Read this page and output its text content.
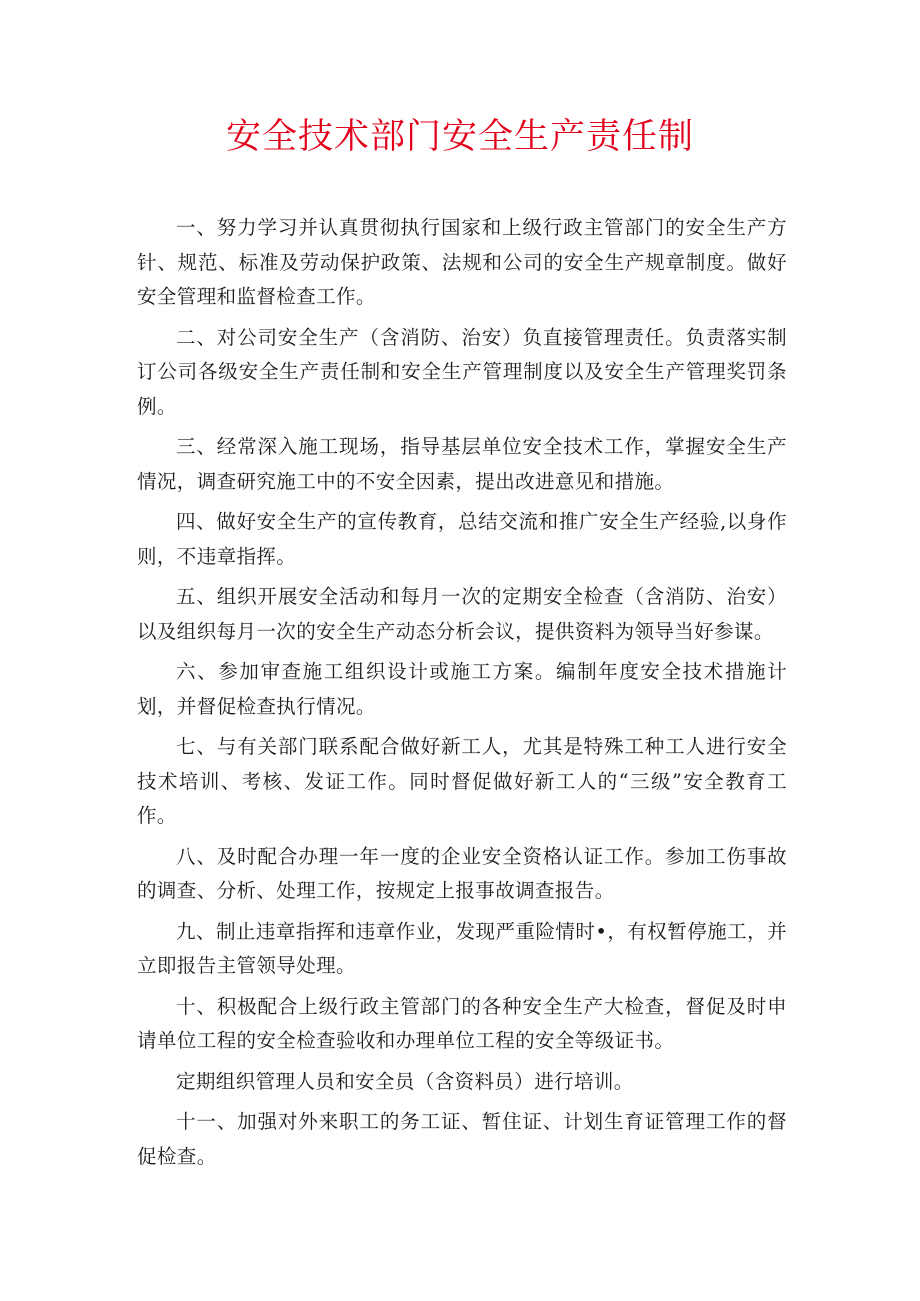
安全技术部门安全生产责任制

一、努力学习并认真贯彻执行国家和上级行政主管部门的安全生产方针、规范、标准及劳动保护政策、法规和公司的安全生产规章制度。做好安全管理和监督检查工作。

二、对公司安全生产（含消防、治安）负直接管理责任。负责落实制订公司各级安全生产责任制和安全生产管理制度以及安全生产管理奖罚条例。

三、经常深入施工现场，指导基层单位安全技术工作，掌握安全生产情况，调查研究施工中的不安全因素，提出改进意见和措施。

四、做好安全生产的宣传教育，总结交流和推广安全生产经验,以身作则，不违章指挥。

五、组织开展安全活动和每月一次的定期安全检查（含消防、治安）以及组织每月一次的安全生产动态分析会议，提供资料为领导当好参谋。

六、参加审查施工组织设计或施工方案。编制年度安全技术措施计划，并督促检查执行情况。

七、与有关部门联系配合做好新工人，尤其是特殊工种工人进行安全技术培训、考核、发证工作。同时督促做好新工人的“三级”安全教育工作。

八、及时配合办理一年一度的企业安全资格认证工作。参加工伤事故的调查、分析、处理工作，按规定上报事故调查报告。

九、制止违章指挥和违章作业，发现严重险情时•，有权暂停施工，并立即报告主管领导处理。

十、积极配合上级行政主管部门的各种安全生产大检查，督促及时申请单位工程的安全检查验收和办理单位工程的安全等级证书。

定期组织管理人员和安全员（含资料员）进行培训。

十一、加强对外来职工的务工证、暂住证、计划生育证管理工作的督促检查。
